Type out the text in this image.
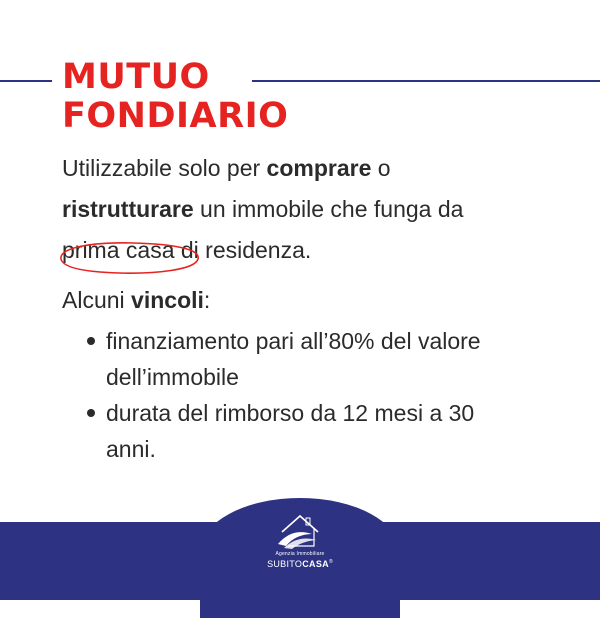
MUTUO
FONDIARIO

Utilizzabile solo per comprare o
ristrutturare un immobile che funga da
prima casa
di residenza.

Alcuni vincoli:

finanziamento pari all’80% del valore dell’immobile
durata del rimborso da 12 mesi a 30 anni.
Agenzia Immobiliare
SUBITOCASA®
